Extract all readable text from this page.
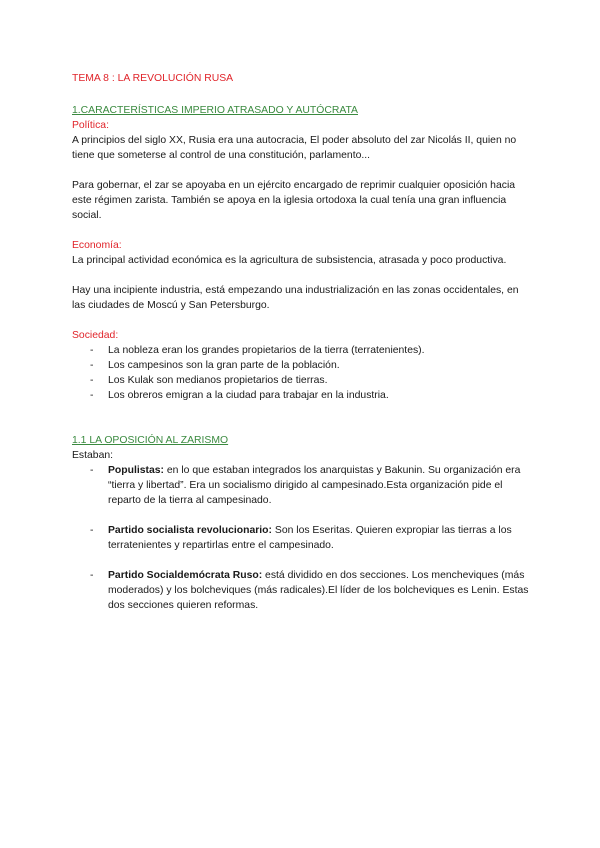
TEMA 8 : LA REVOLUCIÓN RUSA

1.CARACTERÍSTICAS IMPERIO ATRASADO Y AUTÓCRATA

Política:

A principios del siglo XX, Rusia era una autocracia, El poder absoluto del zar Nicolás II, quien no tiene que someterse al control de una constitución, parlamento...

Para gobernar, el zar se apoyaba en un ejército encargado de reprimir cualquier oposición hacia este régimen zarista. También se apoya en la iglesia ortodoxa la cual tenía una gran influencia social.

Economía:

La principal actividad económica es la agricultura de subsistencia, atrasada y poco productiva.

Hay una incipiente industria, está empezando una industrialización en las zonas occidentales, en las ciudades de Moscú y San Petersburgo.

Sociedad:

- La nobleza eran los grandes propietarios de la tierra (terratenientes).
- Los campesinos son la gran parte de la población.
- Los Kulak son medianos propietarios de tierras.
- Los obreros emigran a la ciudad para trabajar en la industria.

1.1 LA OPOSICIÓN AL ZARISMO

Estaban:

- Populistas: en lo que estaban integrados los anarquistas y Bakunin. Su organización era “tierra y libertad”. Era un socialismo dirigido al campesinado.Esta organización pide el reparto de la tierra al campesinado.
- Partido socialista revolucionario: Son los Eseritas. Quieren expropiar las tierras a los terratenientes y repartirlas entre el campesinado.
- Partido Socialdemócrata Ruso: está dividido en dos secciones. Los mencheviques (más moderados) y los bolcheviques (más radicales).El líder de los bolcheviques es Lenin. Estas dos secciones quieren reformas.
